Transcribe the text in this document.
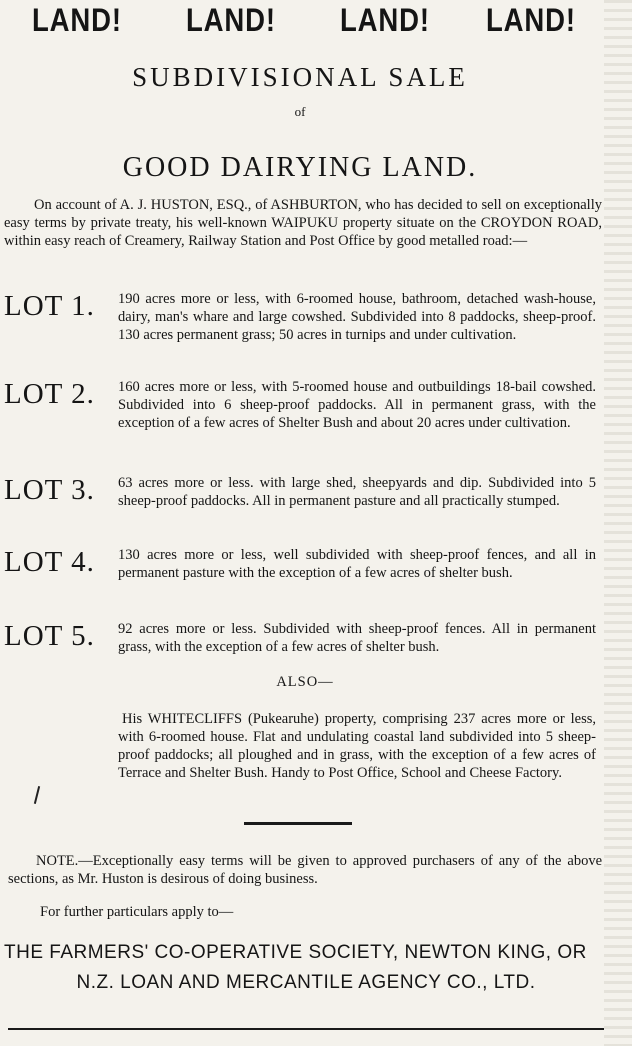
LAND! LAND! LAND! LAND!
SUBDIVISIONAL SALE
of
GOOD DAIRYING LAND.

On account of A. J. HUSTON, ESQ., of ASHBURTON, who has decided to sell on exceptionally easy terms by private treaty, his well-known WAIPUKU property situate on the CROYDON ROAD, within easy reach of Creamery, Railway Station and Post Office by good metalled road:—

LOT 1. 190 acres more or less, with 6-roomed house, bathroom, detached wash-house, dairy, man's whare and large cowshed. Subdivided into 8 paddocks, sheep-proof. 130 acres permanent grass; 50 acres in turnips and under cultivation.
LOT 2. 160 acres more or less, with 5-roomed house and outbuildings 18-bail cowshed. Subdivided into 6 sheep-proof paddocks. All in permanent grass, with the exception of a few acres of Shelter Bush and about 20 acres under cultivation.
LOT 3. 63 acres more or less. with large shed, sheepyards and dip. Subdivided into 5 sheep-proof paddocks. All in permanent pasture and all practically stumped.
LOT 4. 130 acres more or less, well subdivided with sheep-proof fences, and all in permanent pasture with the exception of a few acres of shelter bush.
LOT 5. 92 acres more or less. Subdivided with sheep-proof fences. All in permanent grass, with the exception of a few acres of shelter bush.
ALSO—

His WHITECLIFFS (Pukearuhe) property, comprising 237 acres more or less, with 6-roomed house. Flat and undulating coastal land subdivided into 5 sheep-proof paddocks; all ploughed and in grass, with the exception of a few acres of Terrace and Shelter Bush. Handy to Post Office, School and Cheese Factory.

NOTE.—Exceptionally easy terms will be given to approved purchasers of any of the above sections, as Mr. Huston is desirous of doing business.

For further particulars apply to—
THE FARMERS' CO-OPERATIVE SOCIETY, NEWTON KING, OR
N.Z. LOAN AND MERCANTILE AGENCY CO., LTD.
